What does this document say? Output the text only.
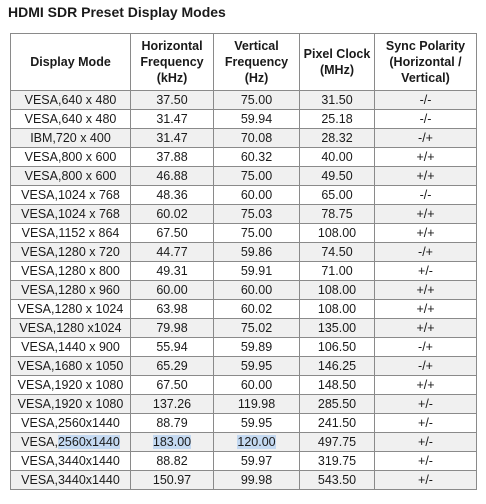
HDMI SDR Preset Display Modes
Display Mode	Horizontal
Frequency
(kHz)	Vertical
Frequency
(Hz)	Pixel Clock
(MHz)	Sync Polarity
(Horizontal /
Vertical)

VESA,640 x 480	37.50	75.00	31.50	-/-
VESA,640 x 480	31.47	59.94	25.18	-/-
IBM,720 x 400	31.47	70.08	28.32	-/+
VESA,800 x 600	37.88	60.32	40.00	+/+
VESA,800 x 600	46.88	75.00	49.50	+/+
VESA,1024 x 768	48.36	60.00	65.00	-/-
VESA,1024 x 768	60.02	75.03	78.75	+/+
VESA,1152 x 864	67.50	75.00	108.00	+/+
VESA,1280 x 720	44.77	59.86	74.50	-/+
VESA,1280 x 800	49.31	59.91	71.00	+/-
VESA,1280 x 960	60.00	60.00	108.00	+/+
VESA,1280 x 1024	63.98	60.02	108.00	+/+
VESA,1280 x1024	79.98	75.02	135.00	+/+
VESA,1440 x 900	55.94	59.89	106.50	-/+
VESA,1680 x 1050	65.29	59.95	146.25	-/+
VESA,1920 x 1080	67.50	60.00	148.50	+/+
VESA,1920 x 1080	137.26	119.98	285.50	+/-
VESA,2560x1440	88.79	59.95	241.50	+/-
VESA,2560x1440	183.00	120.00	497.75	+/-
VESA,3440x1440	88.82	59.97	319.75	+/-
VESA,3440x1440	150.97	99.98	543.50	+/-
